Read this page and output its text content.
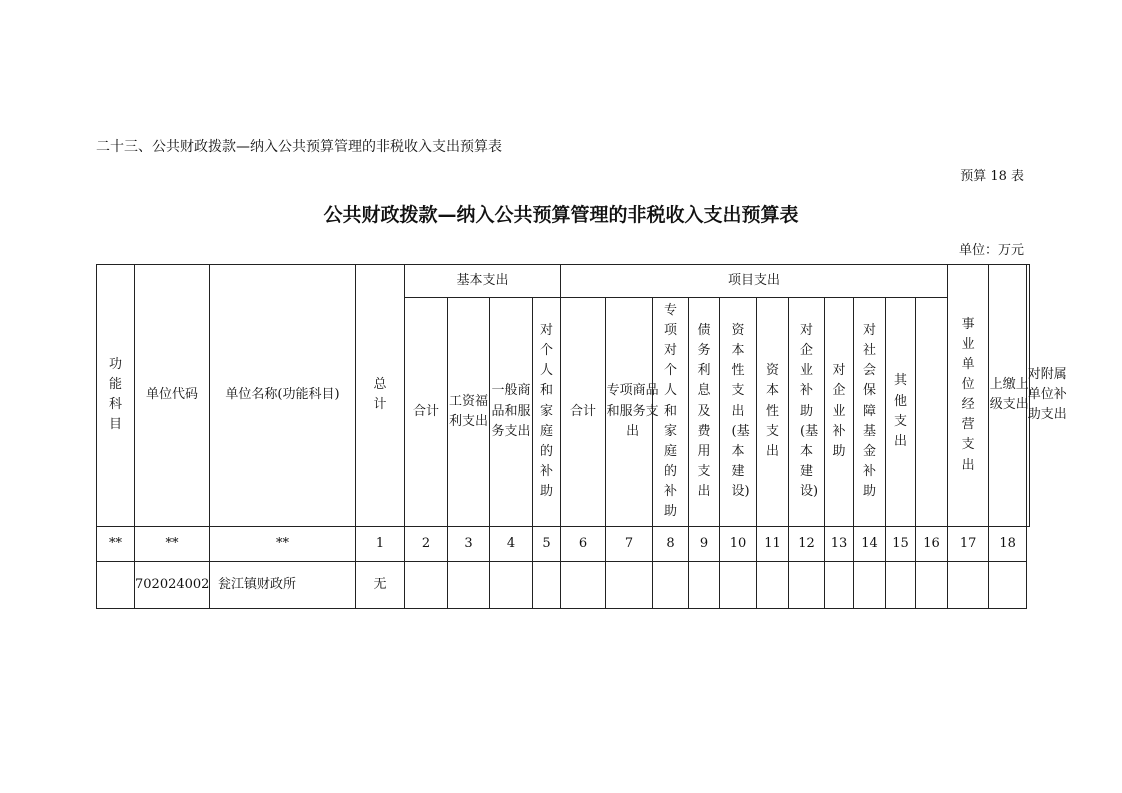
二十三、公共财政拨款—纳入公共预算管理的非税收入支出预算表
预算 18 表
公共财政拨款—纳入公共预算管理的非税收入支出预算表
单位：万元
功能科目	单位代码	单位名称(功能科目)	总计	基本支出				项目支出											事业单位经营支出	上缴上级支出	对附属单位补助支出
				合计	工资福利支出	一般商品和服务支出	对个人和家庭的补助	合计	专项商品和服务支出	专项对个人和家庭的补助	债务利息及费用支出	资本性支出(基本建设)	资本性支出	对企业补助(基本建设)	对企业补助	对社会保障基金补助	其他支出				
**	**	**	1	2	3	4	5	6	7	8	9	10	11	12	13	14	15	16	17	18	
	702024002	瓮江镇财政所	无																		
